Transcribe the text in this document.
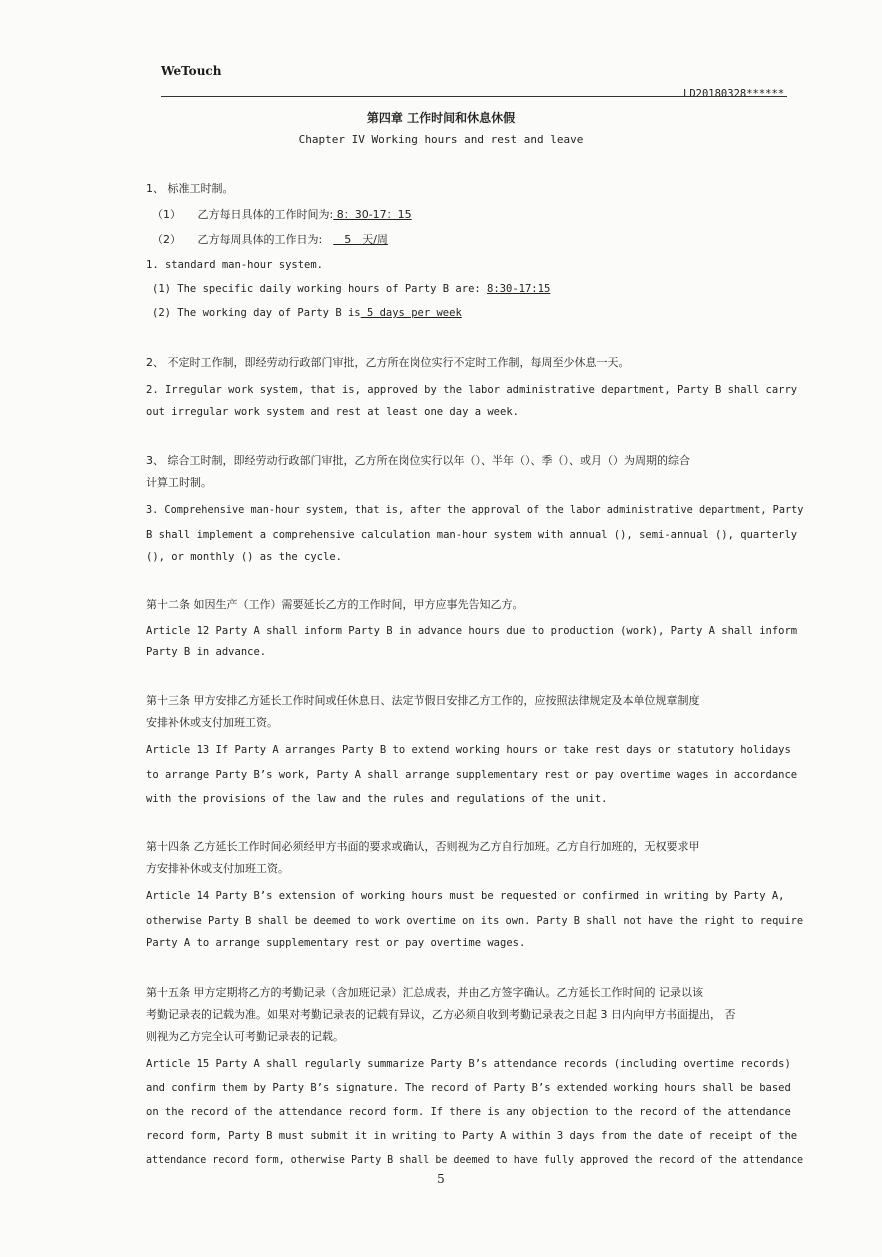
WeTouch
LD20180328******
第四章 工作时间和休息休假
Chapter IV Working hours and rest and leave
1、 标准工时制。
（1）　　乙方每日具体的工作时间为: 8：30-17：15
（2）　　乙方每周具体的工作日为:　　5　天/周
1. standard man-hour system.
(1) The specific daily working hours of Party B are: 8:30-17:15
(2) The working day of Party B is 5 days per week
2、 不定时工作制，即经劳动行政部门审批，乙方所在岗位实行不定时工作制，每周至少休息一天。
2. Irregular work system, that is, approved by the labor administrative department, Party B shall carry
out irregular work system and rest at least one day a week.
3、 综合工时制，即经劳动行政部门审批，乙方所在岗位实行以年（）、半年（）、季（）、或月（）为周期的综合
计算工时制。
3. Comprehensive man-hour system, that is, after the approval of the labor administrative department, Party
B shall implement a comprehensive calculation man-hour system with annual (), semi-annual (), quarterly
(), or monthly () as the cycle.
第十二条 如因生产（工作）需要延长乙方的工作时间，甲方应事先告知乙方。
Article 12 Party A shall inform Party B in advance hours due to production (work), Party A shall inform
Party B in advance.
第十三条 甲方安排乙方延长工作时间或任休息日、法定节假日安排乙方工作的，应按照法律规定及本单位规章制度
安排补休或支付加班工资。
Article 13 If Party A arranges Party B to extend working hours or take rest days or statutory holidays
to arrange Party B’s work, Party A shall arrange supplementary rest or pay overtime wages in accordance
with the provisions of the law and the rules and regulations of the unit.
第十四条 乙方延长工作时间必须经甲方书面的要求或确认，否则视为乙方自行加班。乙方自行加班的，无权要求甲
方安排补休或支付加班工资。
Article 14 Party B’s extension of working hours must be requested or confirmed in writing by Party A,
otherwise Party B shall be deemed to work overtime on its own. Party B shall not have the right to require
Party A to arrange supplementary rest or pay overtime wages.
第十五条 甲方定期将乙方的考勤记录（含加班记录）汇总成表，并由乙方签字确认。乙方延长工作时间的 记录以该
考勤记录表的记载为准。如果对考勤记录表的记载有异议，乙方必须自收到考勤记录表之日起 3 日内向甲方书面提出， 否
则视为乙方完全认可考勤记录表的记载。
Article 15 Party A shall regularly summarize Party B’s attendance records (including overtime records)
and confirm them by Party B’s signature. The record of Party B’s extended working hours shall be based
on the record of the attendance record form. If there is any objection to the record of the attendance
record form, Party B must submit it in writing to Party A within 3 days from the date of receipt of the
attendance record form, otherwise Party B shall be deemed to have fully approved the record of the attendance
5
